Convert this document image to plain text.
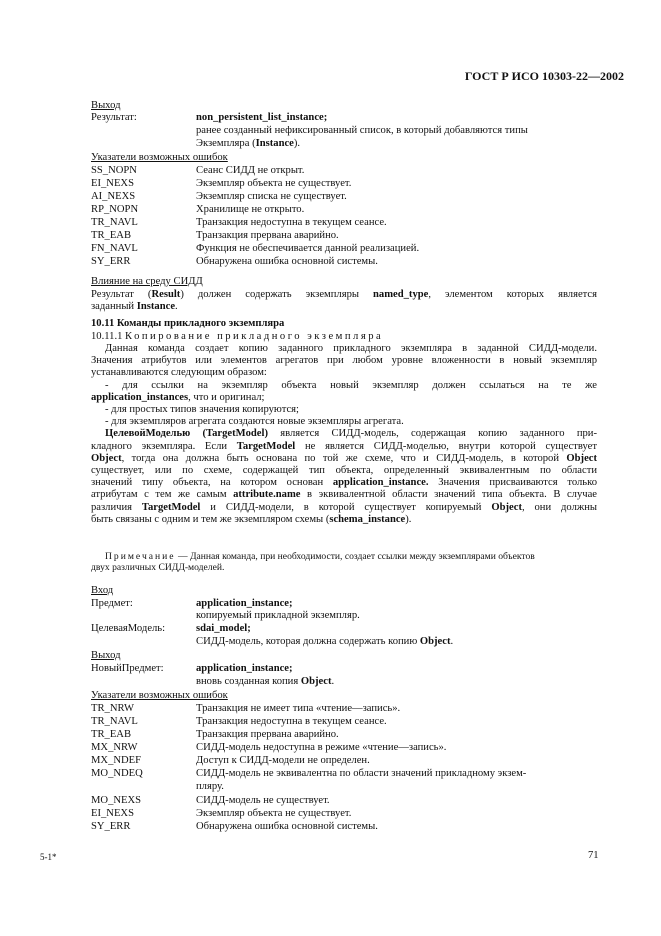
ГОСТ Р ИСО 10303-22—2002
Выход
Результат:	non_persistent_list_instance;
ранее созданный нефиксированный список, в который добавляются типы
Экземпляра (Instance).
Указатели возможных ошибок
SS_NOPN	Сеанс СИДД не открыт.
EI_NEXS	Экземпляр объекта не существует.
AI_NEXS	Экземпляр списка не существует.
RP_NOPN	Хранилище не открыто.
TR_NAVL	Транзакция недоступна в текущем сеансе.
TR_EAB	Транзакция прервана аварийно.
FN_NAVL	Функция не обеспечивается данной реализацией.
SY_ERR	Обнаружена ошибка основной системы.
Влияние на среду СИДД
Результат (Result) должен содержать экземпляры named_type, элементом которых является
заданный Instance.
10.11 Команды прикладного экземпляра
10.11.1 Копирование прикладного экземпляра
Данная команда создает копию заданного прикладного экземпляра в заданной СИДД-модели.
Значения атрибутов или элементов агрегатов при любом уровне вложенности в новый экземпляр
устанавливаются следующим образом:
- для ссылки на экземпляр объекта новый экземпляр должен ссылаться на те же
application_instances, что и оригинал;
- для простых типов значения копируются;
- для экземпляров агрегата создаются новые экземпляры агрегата.
ЦелевойМоделью (TargetModel) является СИДД-модель, содержащая копию заданного при-
кладного экземпляра. Если TargetModel не является СИДД-моделью, внутри которой существует
Object, тогда она должна быть основана по той же схеме, что и СИДД-модель, в которой Object
существует, или по схеме, содержащей тип объекта, определенный эквивалентным по области
значений типу объекта, на котором основан application_instance. Значения присваиваются только
атрибутам с тем же самым attribute.name в эквивалентной области значений типа объекта. В случае
различия TargetModel и СИДД-модели, в которой существует копируемый Object, они должны
быть связаны с одним и тем же экземпляром схемы (schema_instance).
Примечание — Данная команда, при необходимости, создает ссылки между экземплярами объектов
двух различных СИДД-моделей.
Вход
Предмет:	application_instance;
копируемый прикладной экземпляр.
ЦелеваяМодель:	sdai_model;
СИДД-модель, которая должна содержать копию Object.
Выход
НовыйПредмет:	application_instance;
вновь созданная копия Object.
Указатели возможных ошибок
TR_NRW	Транзакция не имеет типа «чтение—запись».
TR_NAVL	Транзакция недоступна в текущем сеансе.
TR_EAB	Транзакция прервана аварийно.
MX_NRW	СИДД-модель недоступна в режиме «чтение—запись».
MX_NDEF	Доступ к СИДД-модели не определен.
MO_NDEQ	СИДД-модель не эквивалентна по области значений прикладному экзем-
пляру.
MO_NEXS	СИДД-модель не существует.
EI_NEXS	Экземпляр объекта не существует.
SY_ERR	Обнаружена ошибка основной системы.
5-1*	71
